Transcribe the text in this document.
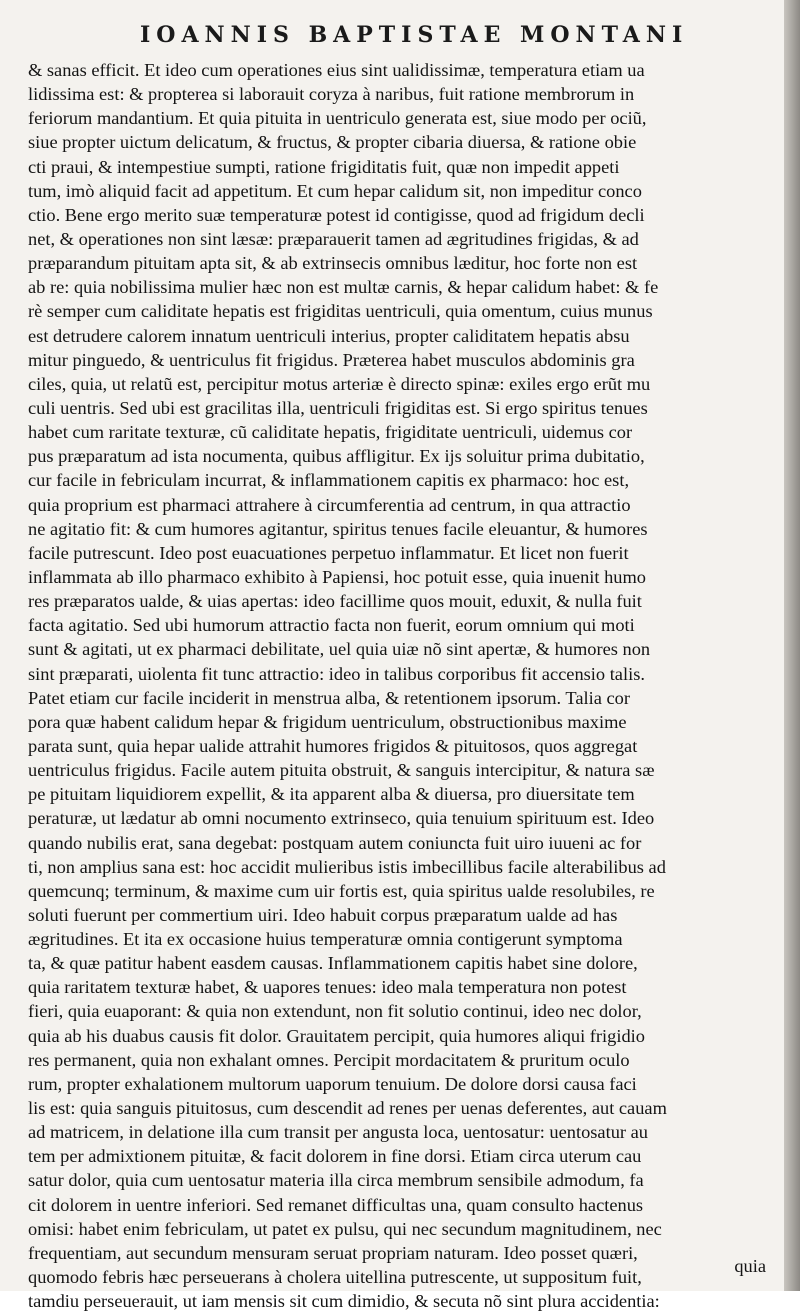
IOANNIS BAPTISTAE MONTANI
& sanas efficit. Et ideo cum operationes eius sint ualidissimæ, temperatura etiam ua
lidissima est: & propterea si laborauit coryza à naribus, fuit ratione membrorum in
feriorum mandantium. Et quia pituita in uentriculo generata est, siue modo per ociũ,
siue propter uictum delicatum, & fructus, & propter cibaria diuersa, & ratione obie
cti praui, & intempestiue sumpti, ratione frigiditatis fuit, quæ non impedit appeti
tum, imò aliquid facit ad appetitum. Et cum hepar calidum sit, non impeditur conco
ctio. Bene ergo merito suæ temperaturæ potest id contigisse, quod ad frigidum decli
net, & operationes non sint læsæ: præparauerit tamen ad ægritudines frigidas, & ad
præparandum pituitam apta sit, & ab extrinsecis omnibus læditur, hoc forte non est
ab re: quia nobilissima mulier hæc non est multæ carnis, & hepar calidum habet: & fe
rè semper cum caliditate hepatis est frigiditas uentriculi, quia omentum, cuius munus
est detrudere calorem innatum uentriculi interius, propter caliditatem hepatis absu
mitur pinguedo, & uentriculus fit frigidus. Præterea habet musculos abdominis gra
ciles, quia, ut relatũ est, percipitur motus arteriæ è directo spinæ: exiles ergo erũt mu
culi uentris. Sed ubi est gracilitas illa, uentriculi frigiditas est. Si ergo spiritus tenues
habet cum raritate texturæ, cũ caliditate hepatis, frigiditate uentriculi, uidemus cor
pus præparatum ad ista nocumenta, quibus affligitur. Ex ijs soluitur prima dubitatio,
cur facile in febriculam incurrat, & inflammationem capitis ex pharmaco: hoc est,
quia proprium est pharmaci attrahere à circumferentia ad centrum, in qua attractio
ne agitatio fit: & cum humores agitantur, spiritus tenues facile eleuantur, & humores
facile putrescunt. Ideo post euacuationes perpetuo inflammatur. Et licet non fuerit
inflammata ab illo pharmaco exhibito à Papiensi, hoc potuit esse, quia inuenit humo
res præparatos ualde, & uias apertas: ideo facillime quos mouit, eduxit, & nulla fuit
facta agitatio. Sed ubi humorum attractio facta non fuerit, eorum omnium qui moti
sunt & agitati, ut ex pharmaci debilitate, uel quia uiæ nõ sint apertæ, & humores non
sint præparati, uiolenta fit tunc attractio: ideo in talibus corporibus fit accensio talis.
Patet etiam cur facile inciderit in menstrua alba, & retentionem ipsorum. Talia cor
pora quæ habent calidum hepar & frigidum uentriculum, obstructionibus maxime
parata sunt, quia hepar ualide attrahit humores frigidos & pituitosos, quos aggregat
uentriculus frigidus. Facile autem pituita obstruit, & sanguis intercipitur, & natura sæ
pe pituitam liquidiorem expellit, & ita apparent alba & diuersa, pro diuersitate tem
peraturæ, ut lædatur ab omni nocumento extrinseco, quia tenuium spirituum est. Ideo
quando nubilis erat, sana degebat: postquam autem coniuncta fuit uiro iuueni ac for
ti, non amplius sana est: hoc accidit mulieribus istis imbecillibus facile alterabilibus ad
quemcunq; terminum, & maxime cum uir fortis est, quia spiritus ualde resolubiles, re
soluti fuerunt per commertium uiri. Ideo habuit corpus præparatum ualde ad has
ægritudines. Et ita ex occasione huius temperaturæ omnia contigerunt symptoma
ta, & quæ patitur habent easdem causas. Inflammationem capitis habet sine dolore,
quia raritatem texturæ habet, & uapores tenues: ideo mala temperatura non potest
fieri, quia euaporant: & quia non extendunt, non fit solutio continui, ideo nec dolor,
quia ab his duabus causis fit dolor. Grauitatem percipit, quia humores aliqui frigidio
res permanent, quia non exhalant omnes. Percipit mordacitatem & pruritum oculo
rum, propter exhalationem multorum uaporum tenuium. De dolore dorsi causa faci
lis est: quia sanguis pituitosus, cum descendit ad renes per uenas deferentes, aut cauam
ad matricem, in delatione illa cum transit per angusta loca, uentosatur: uentosatur au
tem per admixtionem pituitæ, & facit dolorem in fine dorsi. Etiam circa uterum cau
satur dolor, quia cum uentosatur materia illa circa membrum sensibile admodum, fa
cit dolorem in uentre inferiori. Sed remanet difficultas una, quam consulto hactenus
omisi: habet enim febriculam, ut patet ex pulsu, qui nec secundum magnitudinem, nec
frequentiam, aut secundum mensuram seruat propriam naturam. Ideo posset quæri,
quomodo febris hæc perseuerans à cholera uitellina putrescente, ut suppositum fuit,
tamdiu perseuerauit, ut iam mensis sit cum dimidio, & secuta nõ sint plura accidentia:
quia
